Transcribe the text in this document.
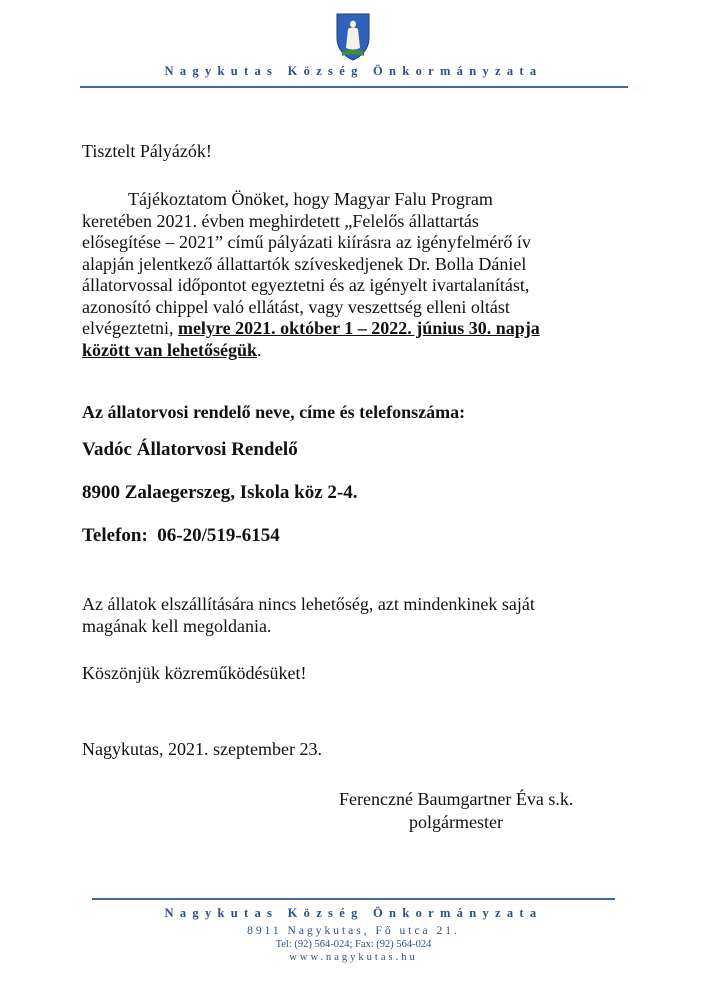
Nagykutas Község Önkormányzata
Tisztelt Pályázók!
Tájékoztatom Önöket, hogy Magyar Falu Program
keretében 2021. évben meghirdetett „Felelős állattartás
elősegítése – 2021” című pályázati kiírásra az igényfelmérő ív
alapján jelentkező állattartók szíveskedjenek Dr. Bolla Dániel
állatorvossal időpontot egyeztetni és az igényelt ivartalanítást,
azonosító chippel való ellátást, vagy veszettség elleni oltást
elvégeztetni, melyre 2021. október 1 – 2022. június 30. napja
között van lehetőségük.
Az állatorvosi rendelő neve, címe és telefonszáma:
Vadóc Állatorvosi Rendelő
8900 Zalaegerszeg, Iskola köz 2-4.
Telefon:  06-20/519-6154
Az állatok elszállítására nincs lehetőség, azt mindenkinek saját
magának kell megoldania.
Köszönjük közreműködésüket!
Nagykutas, 2021. szeptember 23.
Ferenczné Baumgartner Éva s.k.
polgármester
Nagykutas Község Önkormányzata
8911 Nagykutas, Fő utca 21.
Tel: (92) 564-024; Fax: (92) 564-024
www.nagykutas.hu
